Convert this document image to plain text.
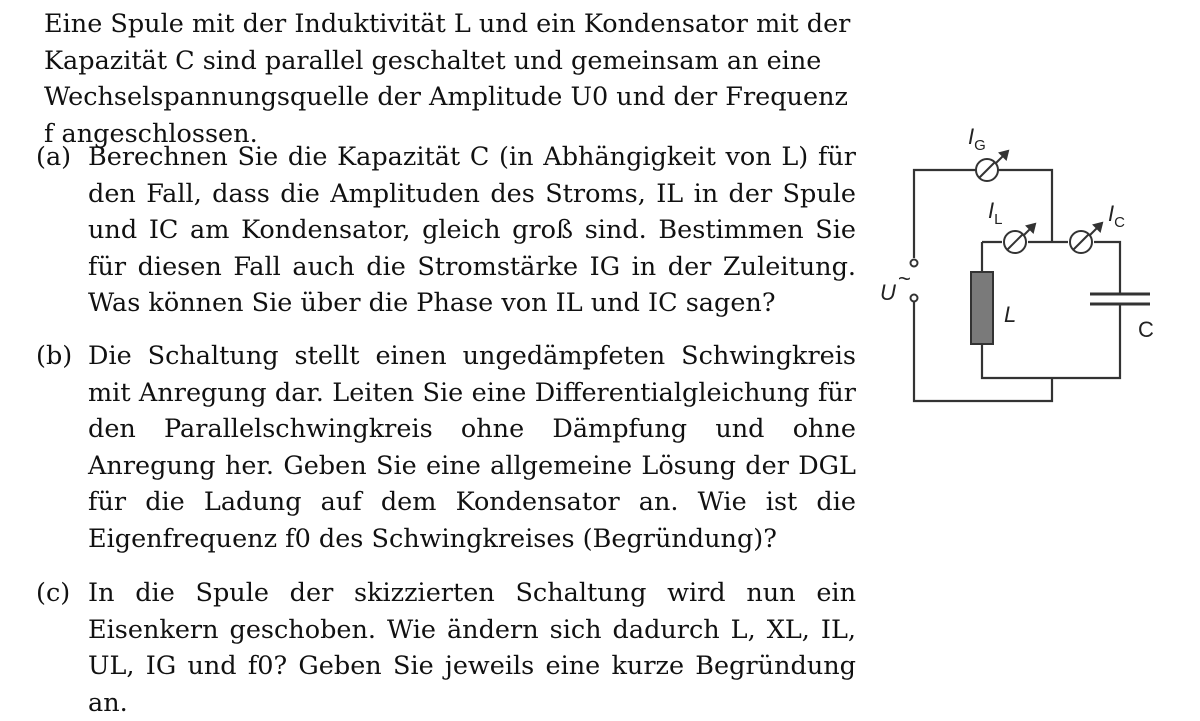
Eine Spule mit der Induktivität L und ein Kondensator mit der Kapazität C sind parallel geschaltet und gemeinsam an eine Wechselspannungsquelle der Amplitude U0 und der Frequenz f angeschlossen.
(a) Berechnen Sie die Kapazität C (in Abhängigkeit von L) für den Fall, dass die Amplituden des Stroms, IL in der Spule und IC am Kondensator, gleich groß sind. Bestimmen Sie für diesen Fall auch die Stromstärke IG in der Zuleitung. Was können Sie über die Phase von IL und IC sagen?
(b) Die Schaltung stellt einen ungedämpfeten Schwingkreis mit Anregung dar. Leiten Sie eine Differentialgleichung für den Parallelschwingkreis ohne Dämpfung und ohne Anregung her. Geben Sie eine allgemeine Lösung der DGL für die Ladung auf dem Kondensator an. Wie ist die Eigenfrequenz f0 des Schwingkreises (Begründung)?
(c) In die Spule der skizzierten Schaltung wird nun ein Eisenkern geschoben. Wie ändern sich dadurch L, XL, IL, UL, IG und f0? Geben Sie jeweils eine kurze Begründung an.
$I_G$
$I_L$	$I_C$
U
~
L
C
